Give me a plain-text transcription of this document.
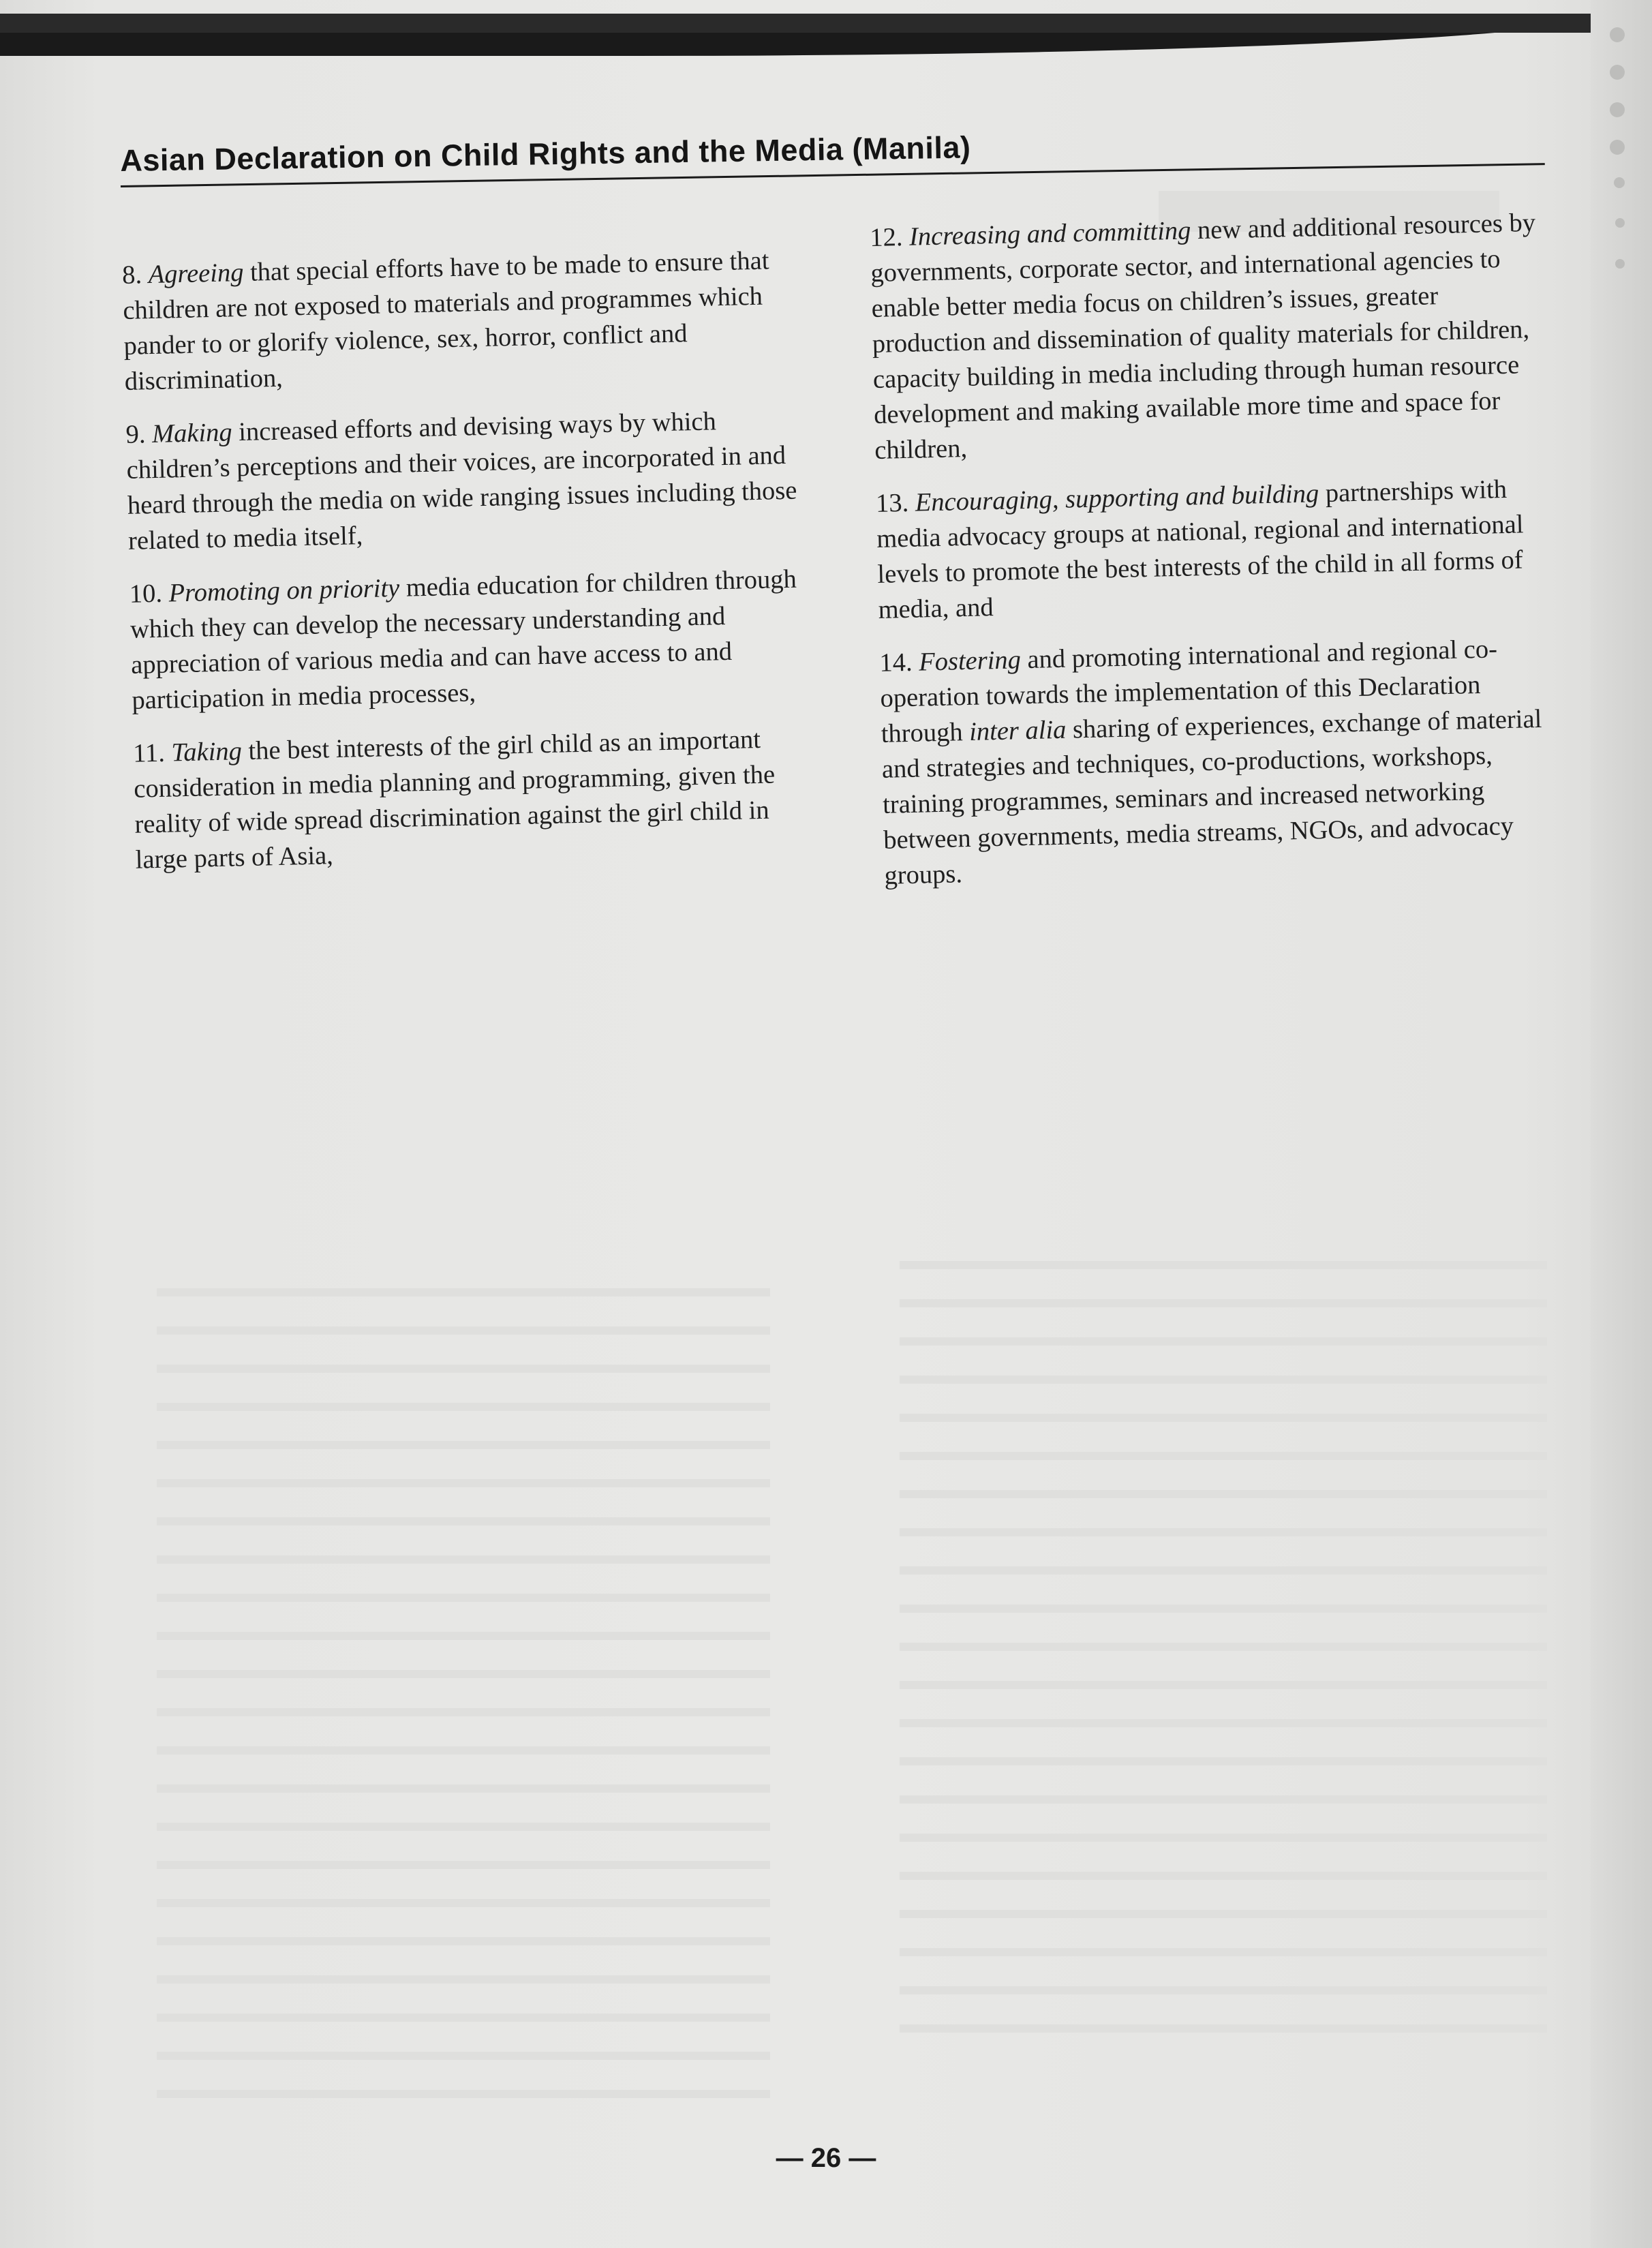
Asian Declaration on Child Rights and the Media (Manila)

8. Agreeing that special efforts have to be made to ensure that children are not exposed to materials and programmes which pander to or glorify violence, sex, horror, conflict and discrimination,

9. Making increased efforts and devising ways by which children’s perceptions and their voices, are incorporated in and heard through the media on wide ranging issues including those related to media itself,

10. Promoting on priority media education for children through which they can develop the necessary understanding and appreciation of various media and can have access to and participation in media processes,

11. Taking the best interests of the girl child as an important consideration in media planning and programming, given the reality of wide spread discrimination against the girl child in large parts of Asia,

12. Increasing and committing new and additional resources by governments, corporate sector, and international agencies to enable better media focus on children’s issues, greater production and dissemination of quality materials for children, capacity building in media including through human resource development and making available more time and space for children,

13. Encouraging, supporting and building partnerships with media advocacy groups at national, regional and international levels to promote the best interests of the child in all forms of media, and

14. Fostering and promoting international and regional co-operation towards the implementation of this Declaration through inter alia sharing of experiences, exchange of material and strategies and techniques, co-productions, workshops, training programmes, seminars and increased networking between governments, media streams, NGOs, and advocacy groups.

— 26 —
